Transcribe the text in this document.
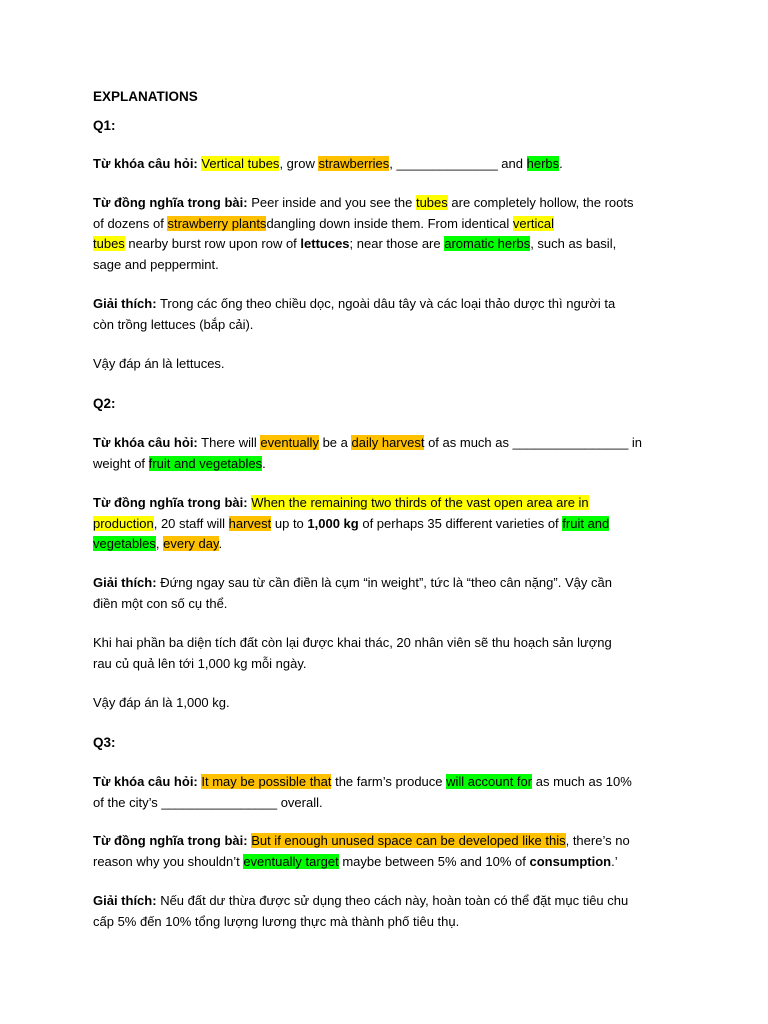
EXPLANATIONS
Q1:
Từ khóa câu hỏi: Vertical tubes, grow strawberries, ______________ and herbs.
Từ đồng nghĩa trong bài: Peer inside and you see the tubes are completely hollow, the roots
of dozens of strawberry plantsdangling down inside them. From identical vertical
tubes nearby burst row upon row of lettuces; near those are aromatic herbs, such as basil,
sage and peppermint.
Giải thích: Trong các ống theo chiều dọc, ngoài dâu tây và các loại thảo dược thì người ta
còn trồng lettuces (bắp cải).
Vậy đáp án là lettuces.
Q2:
Từ khóa câu hỏi: There will eventually be a daily harvest of as much as ________________ in
weight of fruit and vegetables.
Từ đồng nghĩa trong bài: When the remaining two thirds of the vast open area are in
production, 20 staff will harvest up to 1,000 kg of perhaps 35 different varieties of fruit and
vegetables, every day.
Giải thích: Đứng ngay sau từ cần điền là cụm “in weight”, tức là “theo cân nặng”. Vậy cần
điền một con số cụ thể.
Khi hai phần ba diện tích đất còn lại được khai thác, 20 nhân viên sẽ thu hoạch sản lượng
rau củ quả lên tới 1,000 kg mỗi ngày.
Vậy đáp án là 1,000 kg.
Q3:
Từ khóa câu hỏi: It may be possible that the farm’s produce will account for as much as 10%
of the city’s ________________ overall.
Từ đồng nghĩa trong bài: But if enough unused space can be developed like this, there’s no
reason why you shouldn’t eventually target maybe between 5% and 10% of consumption.’
Giải thích: Nếu đất dư thừa được sử dụng theo cách này, hoàn toàn có thể đặt mục tiêu chu
cấp 5% đến 10% tổng lượng lương thực mà thành phố tiêu thụ.
